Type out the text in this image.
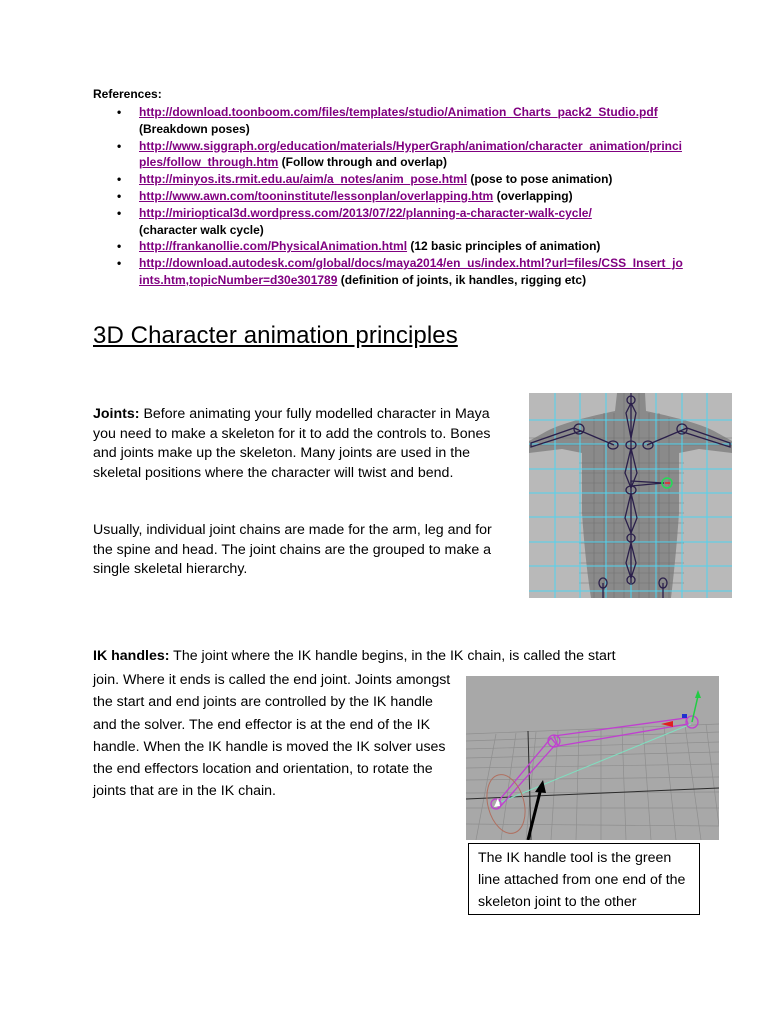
References:
• http://download.toonboom.com/files/templates/studio/Animation_Charts_pack2_Studio.pdf (Breakdown poses)
• http://www.siggraph.org/education/materials/HyperGraph/animation/character_animation/principles/follow_through.htm (Follow through and overlap)
• http://minyos.its.rmit.edu.au/aim/a_notes/anim_pose.html (pose to pose animation)
• http://www.awn.com/tooninstitute/lessonplan/overlapping.htm (overlapping)
• http://mirioptical3d.wordpress.com/2013/07/22/planning-a-character-walk-cycle/
(character walk cycle)
• http://frankanollie.com/PhysicalAnimation.html (12 basic principles of animation)
• http://download.autodesk.com/global/docs/maya2014/en_us/index.html?url=files/CSS_Insert_joints.htm,topicNumber=d30e301789 (definition of joints, ik handles, rigging etc)
3D Character animation principles

Joints: Before animating your fully modelled character in Maya you need to make a skeleton for it to add the controls to. Bones and joints make up the skeleton. Many joints are used in the skeletal positions where the character will twist and bend.

Usually, individual joint chains are made for the arm, leg and for the spine and head. The joint chains are the grouped to make a single skeletal hierarchy.

IK handles: The joint where the IK handle begins, in the IK chain, is called the start

join. Where it ends is called the end joint. Joints amongst the start and end joints are controlled by the IK handle and the solver. The end effector is at the end of the IK handle. When the IK handle is moved the IK solver uses the end effectors location and orientation, to rotate the joints that are in the IK chain.

The IK handle tool is the green line attached from one end of the skeleton joint to the other
